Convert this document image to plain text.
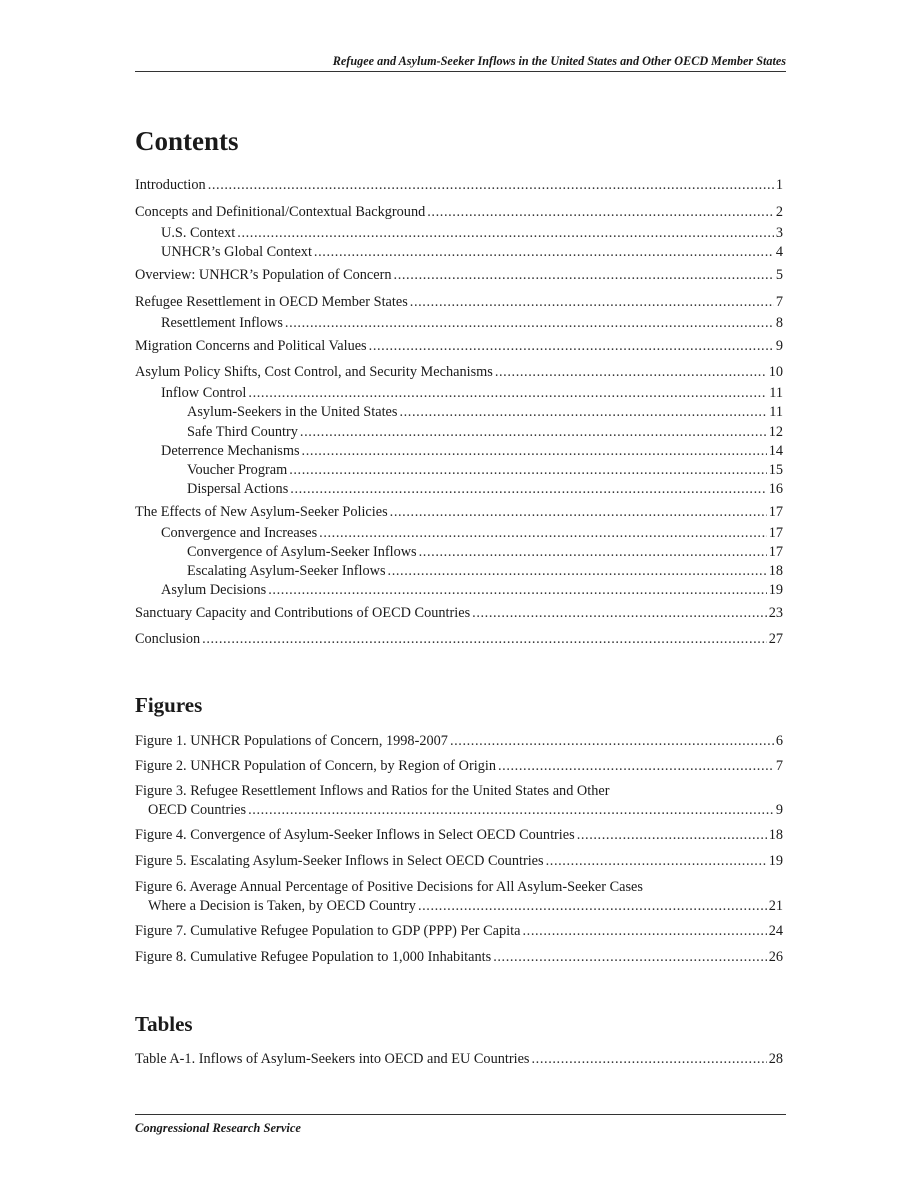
Refugee and Asylum-Seeker Inflows in the United States and Other OECD Member States
Contents
Introduction .....	1
Concepts and Definitional/Contextual Background .....	2
U.S. Context .....	3
UNHCR’s Global Context .....	4
Overview: UNHCR’s Population of Concern .....	5
Refugee Resettlement in OECD Member States .....	7
Resettlement Inflows .....	8
Migration Concerns and Political Values .....	9
Asylum Policy Shifts, Cost Control, and Security Mechanisms .....	10
Inflow Control .....	11
Asylum-Seekers in the United States .....	11
Safe Third Country .....	12
Deterrence Mechanisms .....	14
Voucher Program .....	15
Dispersal Actions .....	16
The Effects of New Asylum-Seeker Policies .....	17
Convergence and Increases .....	17
Convergence of Asylum-Seeker Inflows .....	17
Escalating Asylum-Seeker Inflows .....	18
Asylum Decisions .....	19
Sanctuary Capacity and Contributions of OECD Countries .....	23
Conclusion .....	27
Figures
Figure 1. UNHCR Populations of Concern, 1998-2007 .....	6
Figure 2. UNHCR Population of Concern, by Region of Origin .....	7
Figure 3. Refugee Resettlement Inflows and Ratios for the United States and Other
OECD Countries .....	9
Figure 4. Convergence of Asylum-Seeker Inflows in Select OECD Countries .....	18
Figure 5. Escalating Asylum-Seeker Inflows in Select OECD Countries .....	19
Figure 6. Average Annual Percentage of Positive Decisions for All Asylum-Seeker Cases
Where a Decision is Taken, by OECD Country .....	21
Figure 7. Cumulative Refugee Population to GDP (PPP) Per Capita .....	24
Figure 8. Cumulative Refugee Population to 1,000 Inhabitants .....	26
Tables
Table A-1. Inflows of Asylum-Seekers into OECD and EU Countries .....	28
Congressional Research Service
